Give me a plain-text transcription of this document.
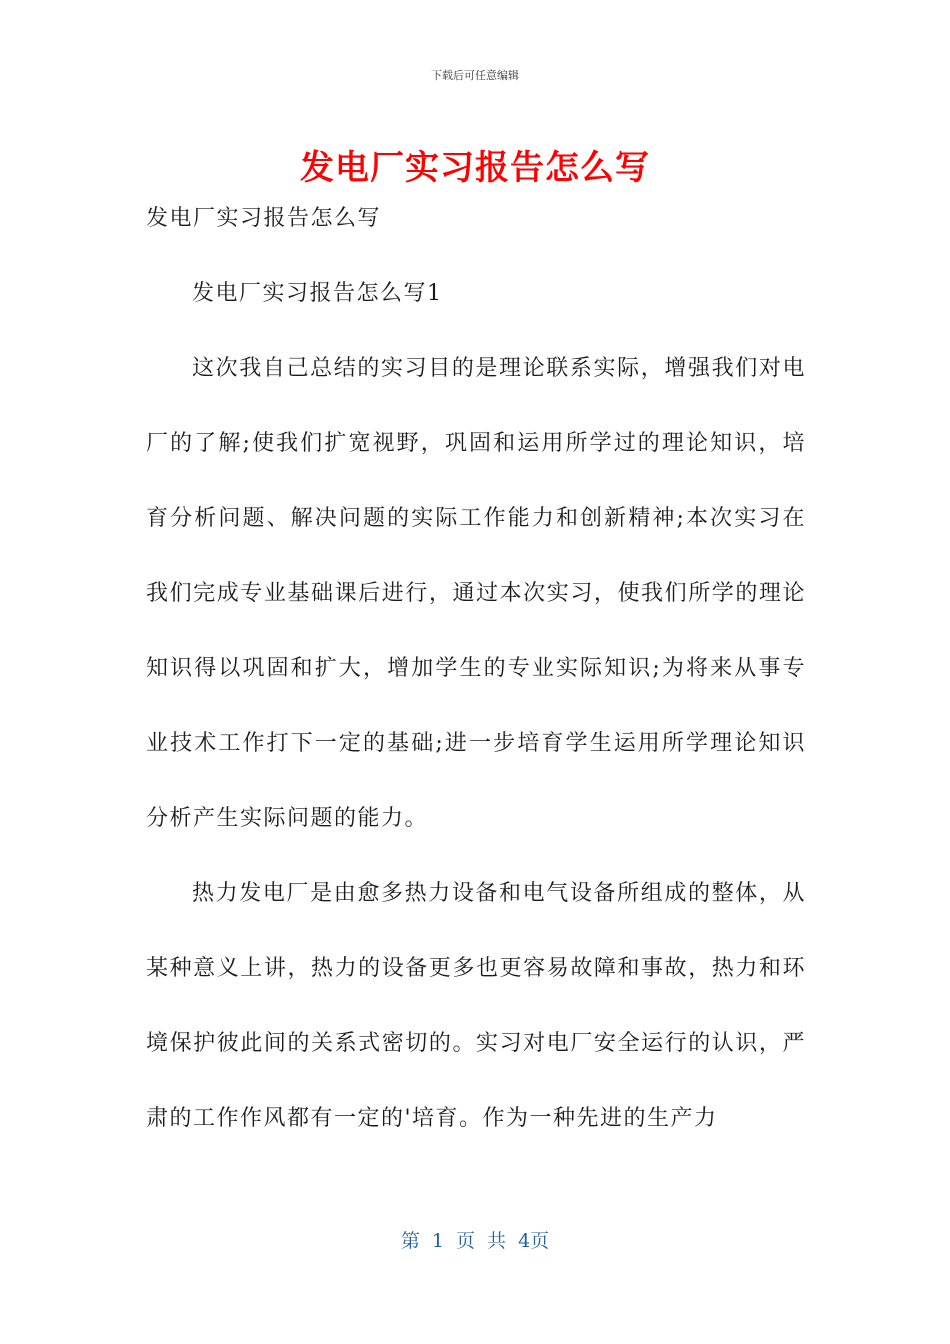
下载后可任意编辑
发电厂实习报告怎么写
发电厂实习报告怎么写
发电厂实习报告怎么写1

这次我自己总结的实习目的是理论联系实际，增强我们对电厂的了解;使我们扩宽视野，巩固和运用所学过的理论知识，培育分析问题、解决问题的实际工作能力和创新精神;本次实习在我们完成专业基础课后进行，通过本次实习，使我们所学的理论知识得以巩固和扩大，增加学生的专业实际知识;为将来从事专业技术工作打下一定的基础;进一步培育学生运用所学理论知识分析产生实际问题的能力。

热力发电厂是由愈多热力设备和电气设备所组成的整体，从某种意义上讲，热力的设备更多也更容易故障和事故，热力和环境保护彼此间的关系式密切的。实习对电厂安全运行的认识，严肃的工作作风都有一定的'培育。作为一种先进的生产力

第 1 页 共 4页
